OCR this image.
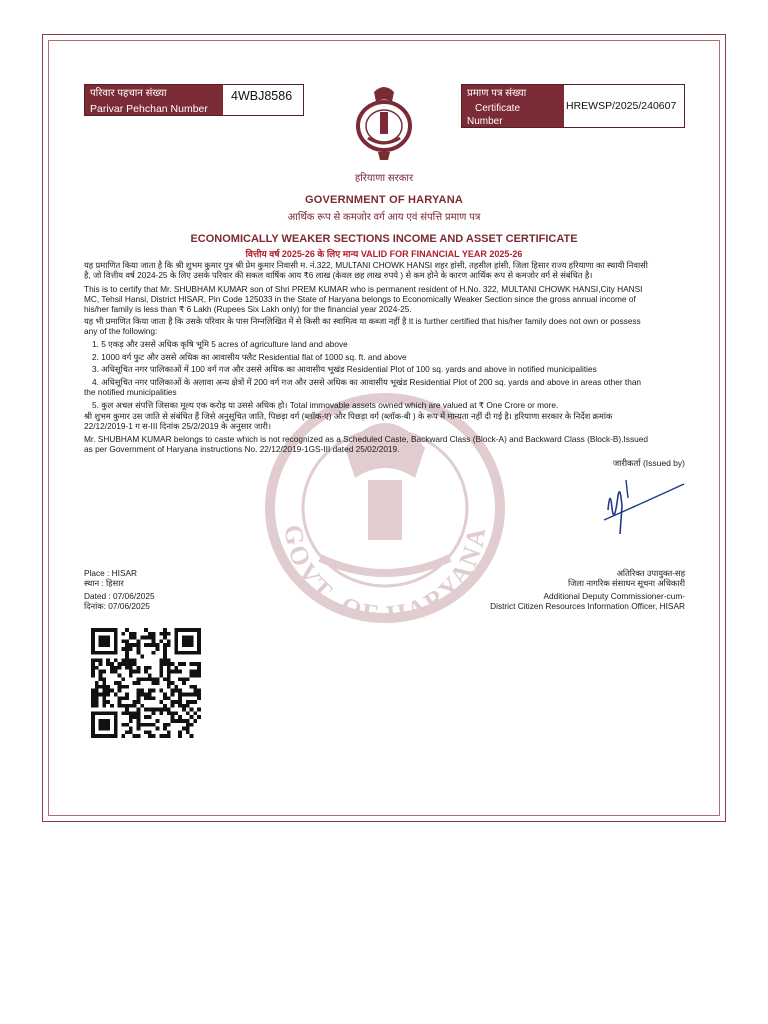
GOVT. OF HARYANA
परिवार पहचान संख्या
Parivar Pehchan Number
4WBJ8586	प्रमाण पत्र संख्या
Certificate
Number
HREWSP/2025/240607
हरियाणा सरकार
GOVERNMENT OF HARYANA
आर्थिक रूप से कमजोर वर्ग आय एवं संपत्ति प्रमाण पत्र
ECONOMICALLY WEAKER SECTIONS INCOME AND ASSET CERTIFICATE
वित्तीय वर्ष 2025-26 के लिए मान्य VALID FOR FINANCIAL YEAR 2025-26
यह प्रमाणित किया जाता है कि श्री शुभम कुमार पुत्र श्री प्रेम कुमार निवासी म. नं.322, MULTANI CHOWK HANSI शहर हांसी, तहसील हांसी, जिला हिसार राज्य हरियाणा का स्थायी निवासी
है, जो वित्तीय वर्ष 2024-25 के लिए उसके परिवार की सकल वार्षिक आय ₹6 लाख (केवल छह लाख रुपये ) से कम होने के कारण आर्थिक रूप से कमजोर वर्ग से संबंधित है।
This is to certify that Mr. SHUBHAM KUMAR son of Shri PREM KUMAR who is permanent resident of H.No. 322, MULTANI CHOWK HANSI,City HANSI
MC, Tehsil Hansi, District HISAR, Pin Code 125033 in the State of Haryana belongs to Economically Weaker Section since the gross annual income of
his/her family is less than ₹ 6 Lakh (Rupees Six Lakh only) for the financial year 2024-25.
यह भी प्रमाणित किया जाता है कि उसके परिवार के पास निम्नलिखित में से किसी का स्वामित्व या कब्जा नहीं है It is further certified that his/her family does not own or possess
any of the following:
1. 5 एकड़ और उससे अधिक कृषि भूमि 5 acres of agriculture land and above
2. 1000 वर्ग फुट और उससे अधिक का आवासीय फ्लैट Residential flat of 1000 sq. ft. and above
3. अधिसूचित नगर पालिकाओं में 100 वर्ग गज और उससे अधिक का आवासीय भूखंड Residential Plot of 100 sq. yards and above in notified municipalities
4. अधिसूचित नगर पालिकाओं के अलावा अन्य क्षेत्रों में 200 वर्ग गज और उससे अधिक का आवासीय भूखंड Residential Plot of 200 sq. yards and above in areas other than
the notified municipalities
5. कुल अचल संपत्ति जिसका मूल्य एक करोड़ या उससे अधिक हो। Total immovable assets owned which are valued at ₹ One Crore or more.
श्री शुभम कुमार उस जाति से संबंधित हैं जिसे अनुसूचित जाति, पिछड़ा वर्ग (ब्लॉक-ए) और पिछड़ा वर्ग (ब्लॉक-बी ) के रूप में मान्यता नहीं दी गई है। हरियाणा सरकार के निर्देश क्रमांक
22/12/2019-1 ग स-III दिनांक 25/2/2019 के अनुसार जारी।
Mr. SHUBHAM KUMAR belongs to caste which is not recognized as a Scheduled Caste, Backward Class (Block-A) and Backward Class (Block-B).Issued
as per Government of Haryana instructions No. 22/12/2019-1GS-III dated 25/02/2019.
जारीकर्ता (Issued by)
Place : HISAR
स्थान : हिसार
Dated : 07/06/2025
दिनांक: 07/06/2025
अतिरिक्त उपायुक्त-सह
जिला नागरिक संसाधन सूचना अधिकारी
Additional Deputy Commissioner-cum-
District Citizen Resources Information Officer, HISAR
